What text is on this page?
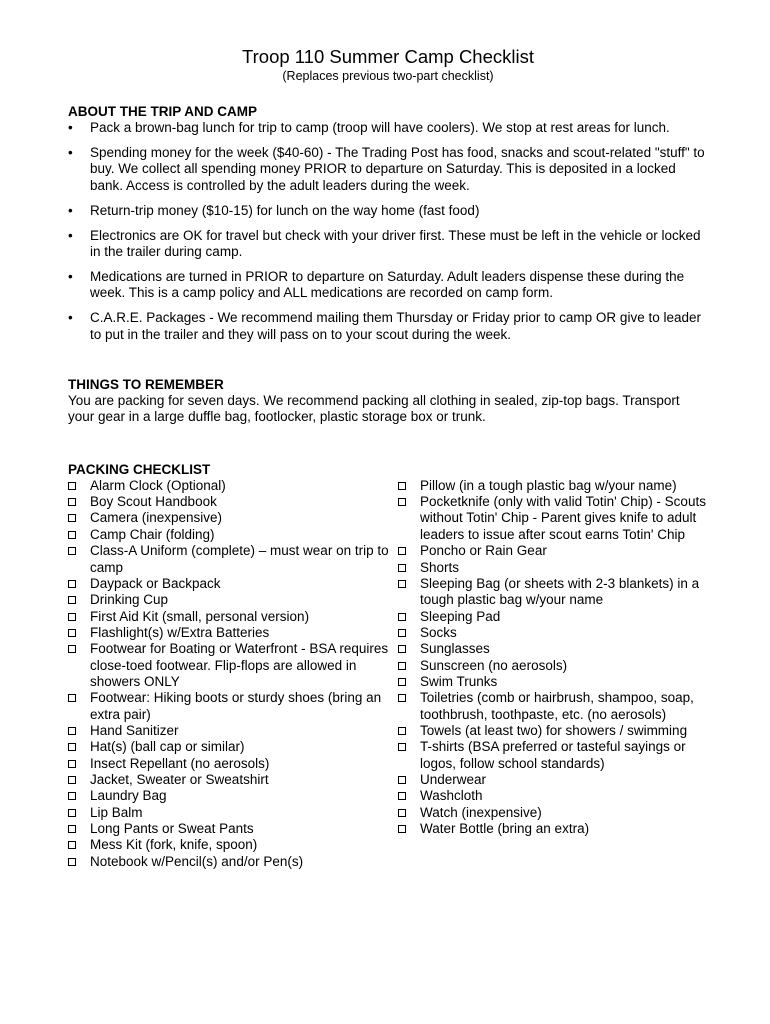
Troop 110 Summer Camp Checklist
(Replaces previous two-part checklist)
ABOUT THE TRIP AND CAMP
• Pack a brown-bag lunch for trip to camp (troop will have coolers). We stop at rest areas for lunch.
• Spending money for the week ($40-60) - The Trading Post has food, snacks and scout-related "stuff" to buy. We collect all spending money PRIOR to departure on Saturday. This is deposited in a locked bank. Access is controlled by the adult leaders during the week.
• Return-trip money ($10-15) for lunch on the way home (fast food)
• Electronics are OK for travel but check with your driver first. These must be left in the vehicle or locked in the trailer during camp.
• Medications are turned in PRIOR to departure on Saturday. Adult leaders dispense these during the week. This is a camp policy and ALL medications are recorded on camp form.
• C.A.R.E. Packages - We recommend mailing them Thursday or Friday prior to camp OR give to leader to put in the trailer and they will pass on to your scout during the week.
THINGS TO REMEMBER
You are packing for seven days. We recommend packing all clothing in sealed, zip-top bags. Transport your gear in a large duffle bag, footlocker, plastic storage box or trunk.
PACKING CHECKLIST
Alarm Clock (Optional)
Boy Scout Handbook
Camera (inexpensive)
Camp Chair (folding)
Class-A Uniform (complete) – must wear on trip to camp
Daypack or Backpack
Drinking Cup
First Aid Kit (small, personal version)
Flashlight(s) w/Extra Batteries
Footwear for Boating or Waterfront - BSA requires close-toed footwear. Flip-flops are allowed in showers ONLY
Footwear: Hiking boots or sturdy shoes (bring an extra pair)
Hand Sanitizer
Hat(s) (ball cap or similar)
Insect Repellant (no aerosols)
Jacket, Sweater or Sweatshirt
Laundry Bag
Lip Balm
Long Pants or Sweat Pants
Mess Kit (fork, knife, spoon)
Notebook w/Pencil(s) and/or Pen(s)
Pillow (in a tough plastic bag w/your name)
Pocketknife (only with valid Totin' Chip) - Scouts without Totin' Chip - Parent gives knife to adult leaders to issue after scout earns Totin' Chip
Poncho or Rain Gear
Shorts
Sleeping Bag (or sheets with 2-3 blankets) in a tough plastic bag w/your name
Sleeping Pad
Socks
Sunglasses
Sunscreen (no aerosols)
Swim Trunks
Toiletries (comb or hairbrush, shampoo, soap, toothbrush, toothpaste, etc. (no aerosols)
Towels (at least two) for showers / swimming
T-shirts (BSA preferred or tasteful sayings or logos, follow school standards)
Underwear
Washcloth
Watch (inexpensive)
Water Bottle (bring an extra)
